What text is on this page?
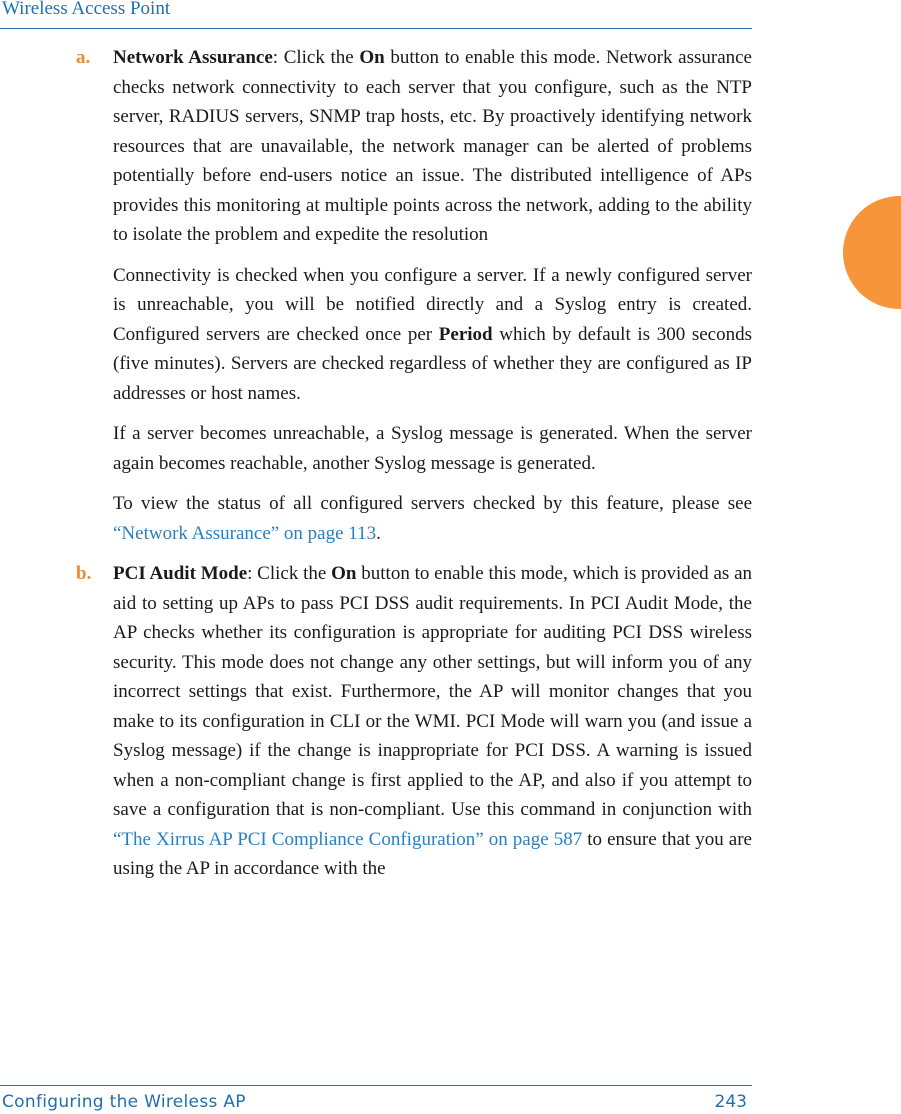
Wireless Access Point
a. Network Assurance: Click the On button to enable this mode. Network assurance checks network connectivity to each server that you configure, such as the NTP server, RADIUS servers, SNMP trap hosts, etc. By proactively identifying network resources that are unavailable, the network manager can be alerted of problems potentially before end-users notice an issue. The distributed intelligence of APs provides this monitoring at multiple points across the network, adding to the ability to isolate the problem and expedite the resolution

Connectivity is checked when you configure a server. If a newly configured server is unreachable, you will be notified directly and a Syslog entry is created. Configured servers are checked once per Period which by default is 300 seconds (five minutes). Servers are checked regardless of whether they are configured as IP addresses or host names.

If a server becomes unreachable, a Syslog message is generated. When the server again becomes reachable, another Syslog message is generated.

To view the status of all configured servers checked by this feature, please see “Network Assurance” on page 113.

b. PCI Audit Mode: Click the On button to enable this mode, which is provided as an aid to setting up APs to pass PCI DSS audit requirements. In PCI Audit Mode, the AP checks whether its configuration is appropriate for auditing PCI DSS wireless security. This mode does not change any other settings, but will inform you of any incorrect settings that exist. Furthermore, the AP will monitor changes that you make to its configuration in CLI or the WMI. PCI Mode will warn you (and issue a Syslog message) if the change is inappropriate for PCI DSS. A warning is issued when a non-compliant change is first applied to the AP, and also if you attempt to save a configuration that is non-compliant. Use this command in conjunction with “The Xirrus AP PCI Compliance Configuration” on page 587 to ensure that you are using the AP in accordance with the

Configuring the Wireless AP	243
